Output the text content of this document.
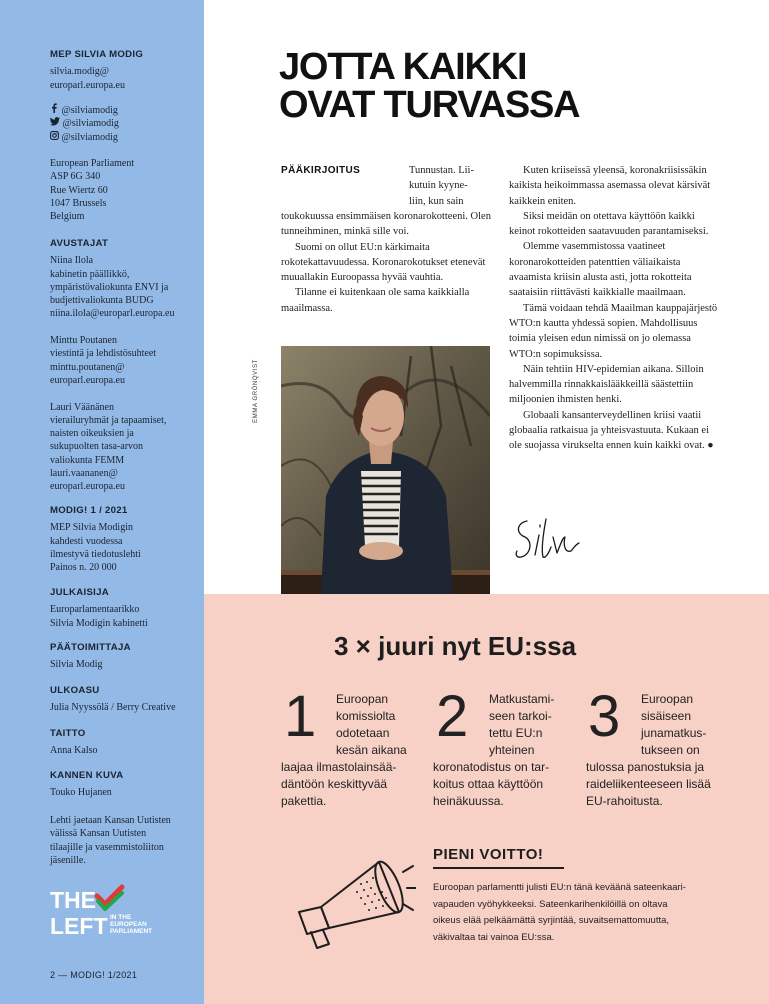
MEP SILVIA MODIG
silvia.modig@
europarl.europa.eu
@silviamodig
@silviamodig
@silviamodig
European Parliament
ASP 6G 340
Rue Wiertz 60
1047 Brussels
Belgium
AVUSTAJAT
Niina Ilola
kabinetin päällikkö,
ympäristövaliokunta ENVI ja
budjettivaliokunta BUDG
niina.ilola@europarl.europa.eu
Minttu Poutanen
viestintä ja lehdistösuhteet
minttu.poutanen@
europarl.europa.eu
Lauri Väänänen
vierailuryhmät ja tapaamiset,
naisten oikeuksien ja
sukupuolten tasa-arvon
valiokunta FEMM
lauri.vaananen@
europarl.europa.eu
MODIG! 1 / 2021
MEP Silvia Modigin
kahdesti vuodessa
ilmestyvä tiedotuslehti
Painos n. 20 000
JULKAISIJA
Europarlamentaarikko
Silvia Modigin kabinetti
PÄÄTOIMITTAJA
Silvia Modig
ULKOASU
Julia Nyyssölä / Berry Creative
TAITTO
Anna Kalso
KANNEN KUVA
Touko Hujanen
Lehti jaetaan Kansan Uutisten
välissä Kansan Uutisten
tilaajille ja vasemmistoliiton
jäsenille.
THE
LEFT IN THE
EUROPEAN
PARLIAMENT
2 — MODIG! 1/2021
JOTTA KAIKKI
OVAT TURVASSA
PÄÄKIRJOITUS	Tunnustan. Lii-
kutuin kyyne-
liin, kun sain

toukokuussa ensimmäisen koronarokotteeni. Olen tunneihminen, minkä sille voi.

Suomi on ollut EU:n kärkimaita rokotekattavuudessa. Koronarokotukset etenevät muuallakin Euroopassa hyvää vauhtia.

Tilanne ei kuitenkaan ole sama kaikkialla maailmassa.

Kuten kriiseissä yleensä, koronakriisissäkin kaikista heikoimmassa asemassa olevat kärsivät kaikkein eniten.

Siksi meidän on otettava käyttöön kaikki keinot rokotteiden saatavuuden parantamiseksi.

Olemme vasemmistossa vaatineet koronarokotteiden patenttien väliaikaista avaamista kriisin alusta asti, jotta rokotteita saataisiin riittävästi kaikkialle maailmaan.

Tämä voidaan tehdä Maailman kauppajärjestö WTO:n kautta yhdessä sopien. Mahdollisuus toimia yleisen edun nimissä on jo olemassa WTO:n sopimuksissa.

Näin tehtiin HIV-epidemian aikana. Silloin halvemmilla rinnakkaislääkkeillä säästettiin miljoonien ihmisten henki.

Globaali kansanterveydellinen kriisi vaatii globaalia ratkaisua ja yhteisvastuuta. Kukaan ei ole suojassa virukselta ennen kuin kaikki ovat. ●

EMMA GRÖNQVIST
3 × juuri nyt EU:ssa
1 Euroopan
komissiolta
odotetaan
kesän aikana
laajaa ilmastolainsää-
däntöön keskittyvää
pakettia.
2 Matkustami-
seen tarkoi-
tettu EU:n
yhteinen
koronatodistus on tar-
koitus ottaa käyttöön
heinäkuussa.
3 Euroopan
sisäiseen
junamatkus-
tukseen on
tulossa panostuksia ja
raideliikenteeseen lisää
EU-rahoitusta.
PIENI VOITTO!
Euroopan parlamentti julisti EU:n tänä keväänä sateenkaari-
vapauden vyöhykkeeksi. Sateenkarihenkilöillä on oltava
oikeus elää pelkäämättä syrjintää, suvaitsemattomuutta,
väkivaltaa tai vainoa EU:ssa.
